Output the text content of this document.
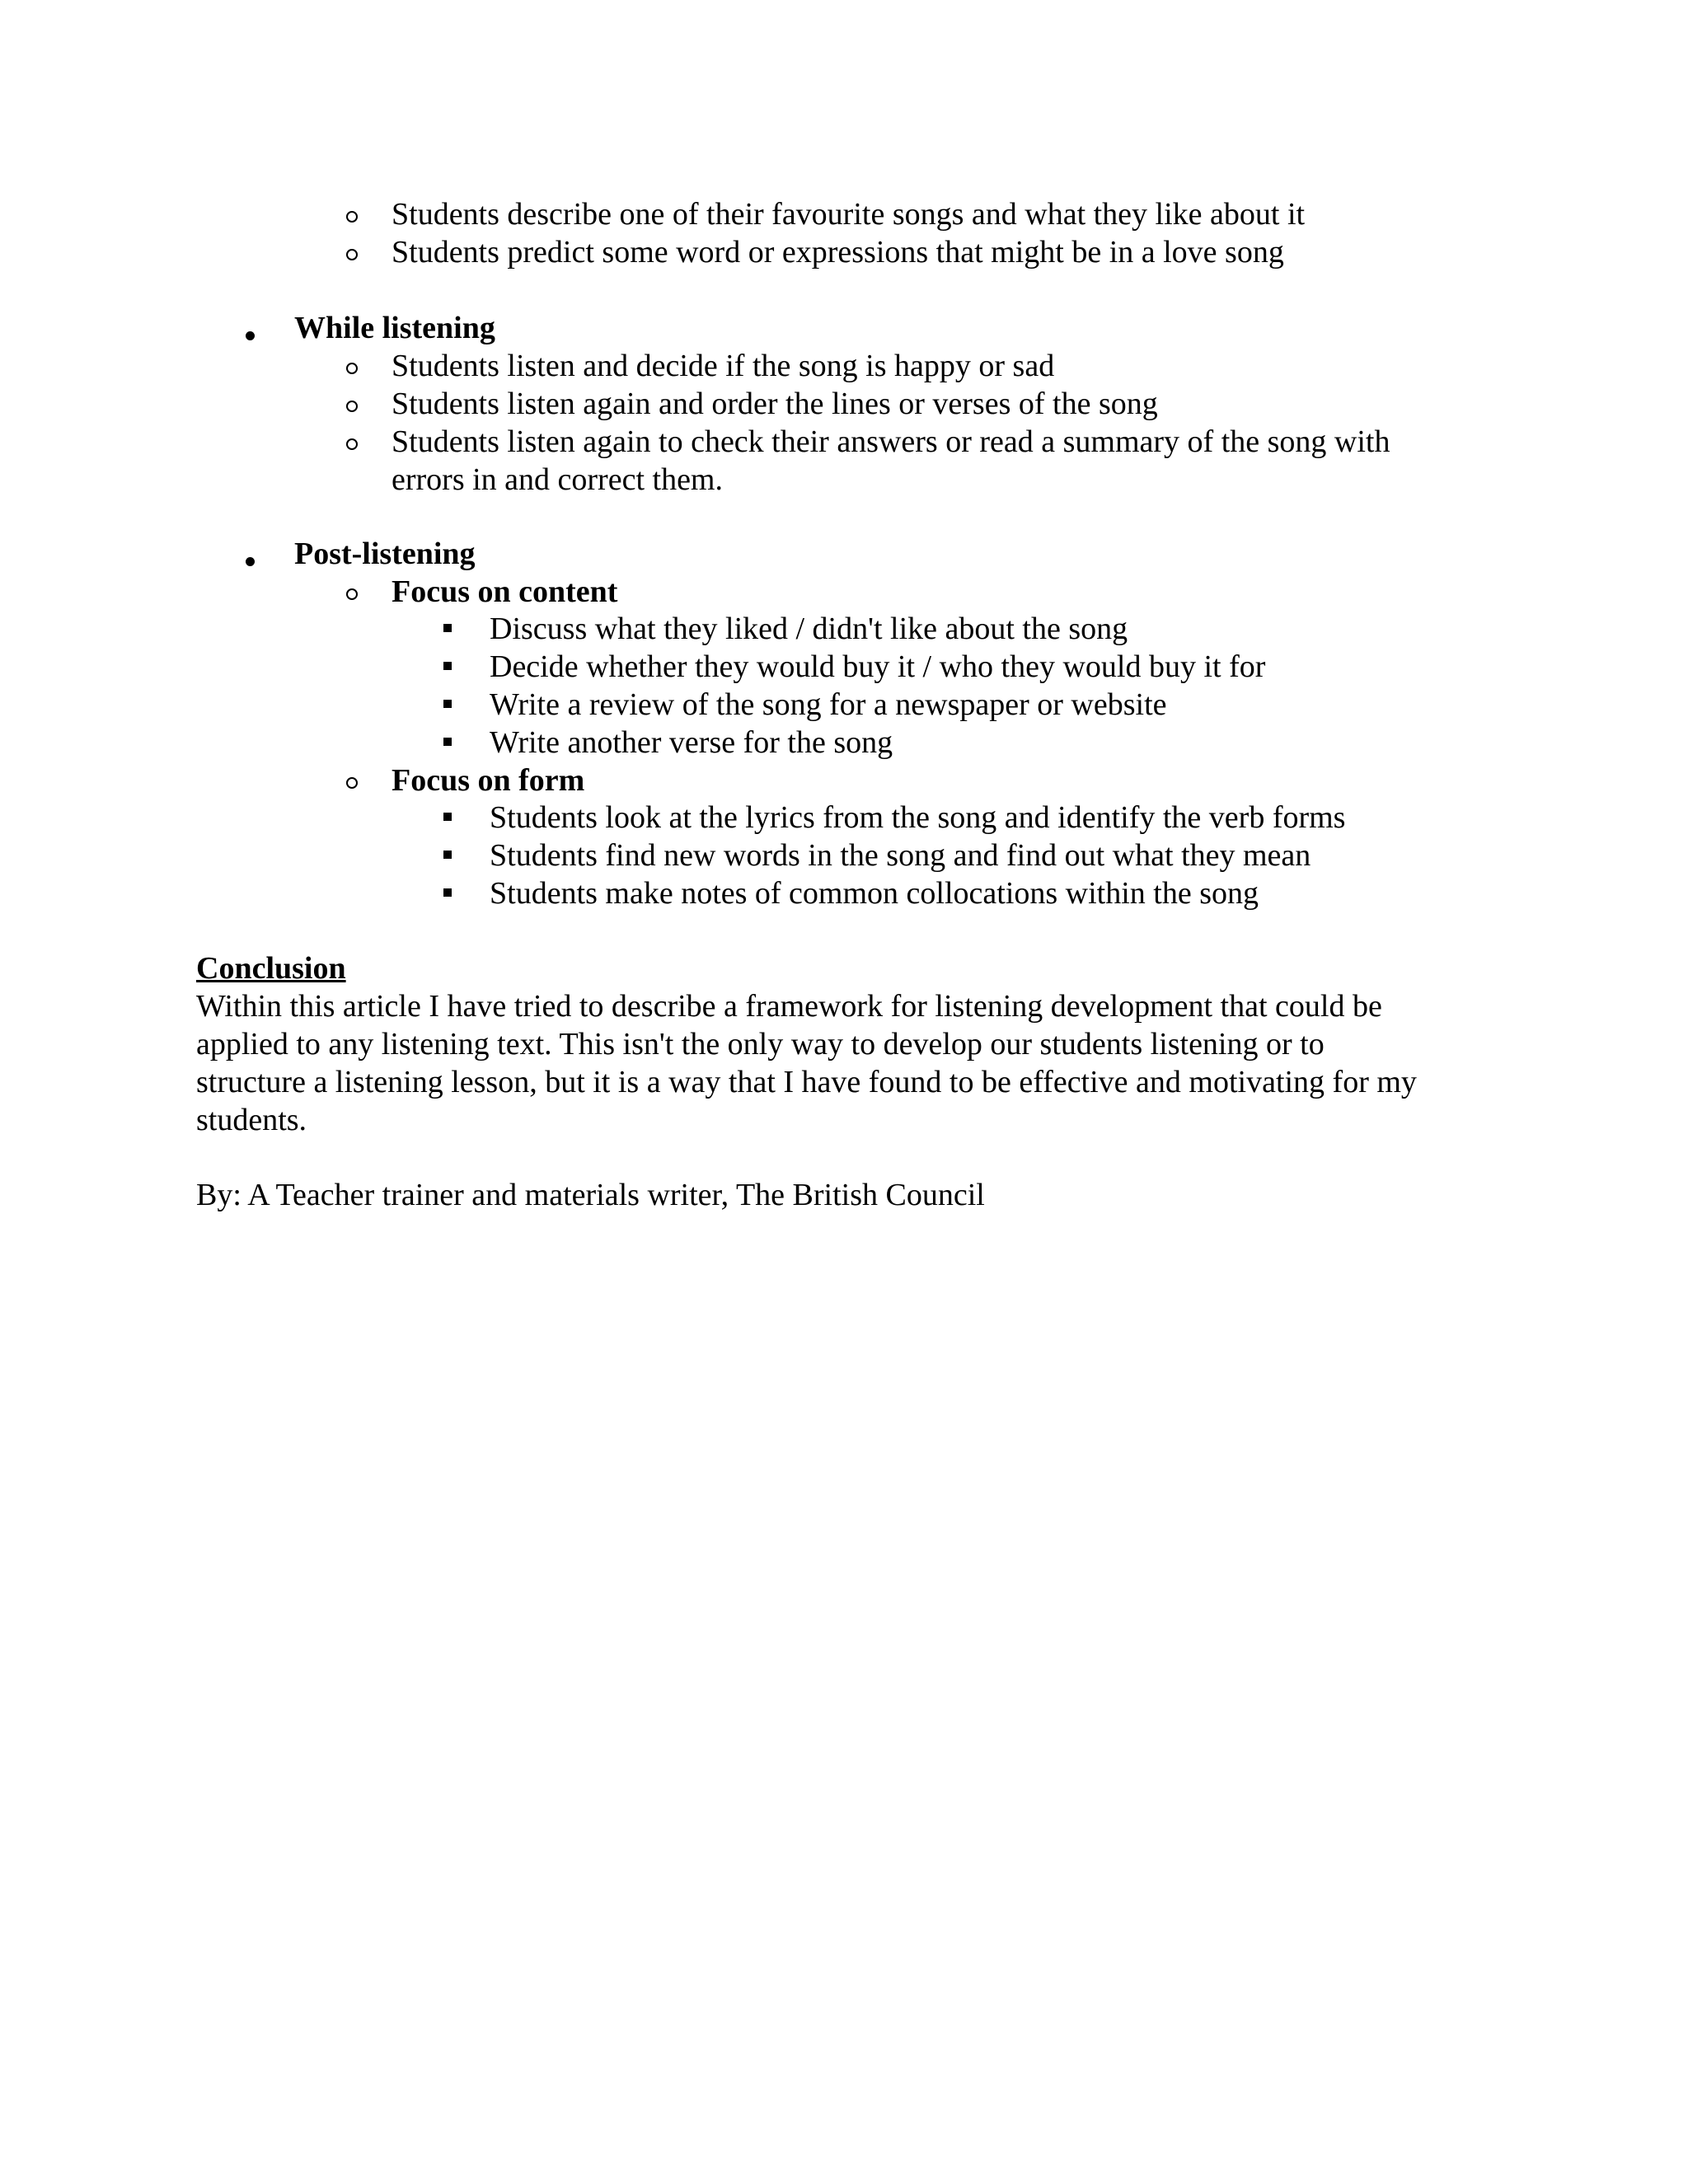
Students describe one of their favourite songs and what they like about it
Students predict some word or expressions that might be in a love song
While listening
Students listen and decide if the song is happy or sad
Students listen again and order the lines or verses of the song
Students listen again to check their answers or read a summary of the song with
errors in and correct them.
Post-listening
Focus on content
Discuss what they liked / didn't like about the song
Decide whether they would buy it / who they would buy it for
Write a review of the song for a newspaper or website
Write another verse for the song
Focus on form
Students look at the lyrics from the song and identify the verb forms
Students find new words in the song and find out what they mean
Students make notes of common collocations within the song
Conclusion
Within this article I have tried to describe a framework for listening development that could be
applied to any listening text. This isn't the only way to develop our students listening or to
structure a listening lesson, but it is a way that I have found to be effective and motivating for my
students.
By: A Teacher trainer and materials writer, The British Council
